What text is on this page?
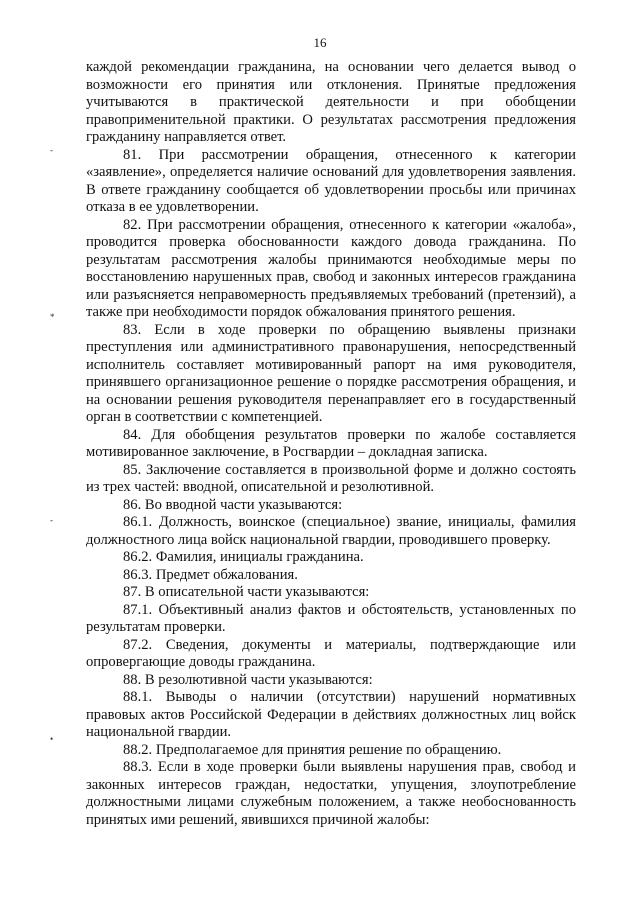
16

каждой рекомендации гражданина, на основании чего делается вывод о возможности его принятия или отклонения. Принятые предложения учитываются в практической деятельности и при обобщении правоприменительной практики. О результатах рассмотрения предложения гражданину направляется ответ.

81. При рассмотрении обращения, отнесенного к категории «заявление», определяется наличие оснований для удовлетворения заявления. В ответе гражданину сообщается об удовлетворении просьбы или причинах отказа в ее удовлетворении.

82. При рассмотрении обращения, отнесенного к категории «жалоба», проводится проверка обоснованности каждого довода гражданина. По результатам рассмотрения жалобы принимаются необходимые меры по восстановлению нарушенных прав, свобод и законных интересов гражданина или разъясняется неправомерность предъявляемых требований (претензий), а также при необходимости порядок обжалования принятого решения.

83. Если в ходе проверки по обращению выявлены признаки преступления или административного правонарушения, непосредственный исполнитель составляет мотивированный рапорт на имя руководителя, принявшего организационное решение о порядке рассмотрения обращения, и на основании решения руководителя перенаправляет его в государственный орган в соответствии с компетенцией.

84. Для обобщения результатов проверки по жалобе составляется мотивированное заключение, в Росгвардии – докладная записка.

85. Заключение составляется в произвольной форме и должно состоять из трех частей: вводной, описательной и резолютивной.

86. Во вводной части указываются:

86.1. Должность, воинское (специальное) звание, инициалы, фамилия должностного лица войск национальной гвардии, проводившего проверку.

86.2. Фамилия, инициалы гражданина.

86.3. Предмет обжалования.

87. В описательной части указываются:

87.1. Объективный анализ фактов и обстоятельств, установленных по результатам проверки.

87.2. Сведения, документы и материалы, подтверждающие или опровергающие доводы гражданина.

88. В резолютивной части указываются:

88.1. Выводы о наличии (отсутствии) нарушений нормативных правовых актов Российской Федерации в действиях должностных лиц войск национальной гвардии.

88.2. Предполагаемое для принятия решение по обращению.

88.3. Если в ходе проверки были выявлены нарушения прав, свобод и законных интересов граждан, недостатки, упущения, злоупотребление должностными лицами служебным положением, а также необоснованность принятых ими решений, явившихся причиной жалобы:

-
*
-
•
